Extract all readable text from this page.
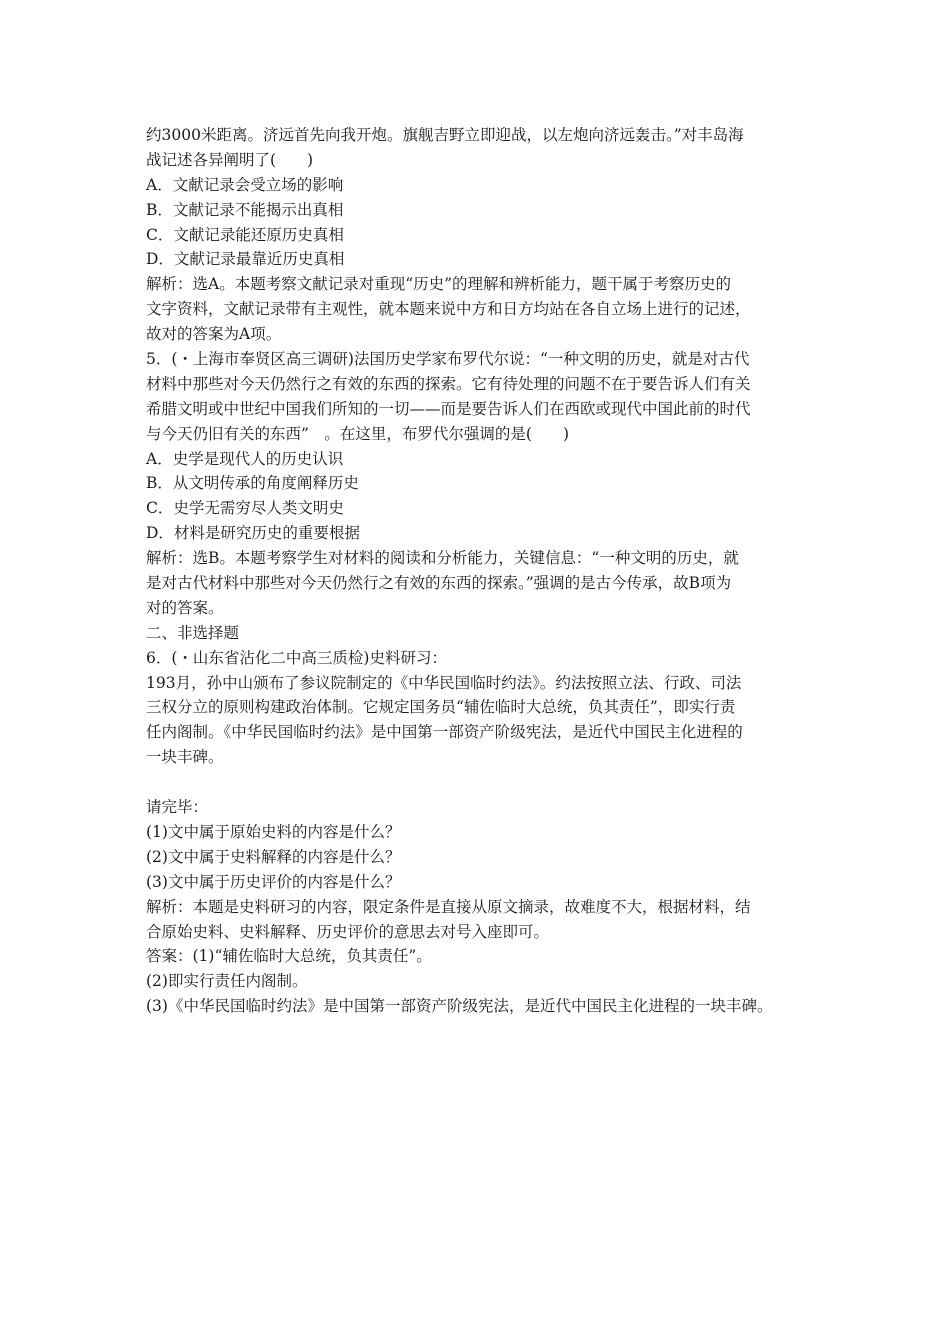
约3000米距离。济远首先向我开炮。旗舰吉野立即迎战，以左炮向济远轰击。”对丰岛海
战记述各异阐明了(　　)
A．文献记录会受立场的影响
B．文献记录不能揭示出真相
C．文献记录能还原历史真相
D．文献记录最靠近历史真相
解析：选A。本题考察文献记录对重现“历史”的理解和辨析能力，题干属于考察历史的
文字资料，文献记录带有主观性，就本题来说中方和日方均站在各自立场上进行的记述，
故对的答案为A项。
5．(・上海市奉贤区高三调研)法国历史学家布罗代尔说：“一种文明的历史，就是对古代
材料中那些对今天仍然行之有效的东西的探索。它有待处理的问题不在于要告诉人们有关
希腊文明或中世纪中国我们所知的一切——而是要告诉人们在西欧或现代中国此前的时代
与今天仍旧有关的东西”　。在这里，布罗代尔强调的是(　　)
A．史学是现代人的历史认识
B．从文明传承的角度阐释历史
C．史学无需穷尽人类文明史
D．材料是研究历史的重要根据
解析：选B。本题考察学生对材料的阅读和分析能力，关键信息：“一种文明的历史，就
是对古代材料中那些对今天仍然行之有效的东西的探索。”强调的是古今传承，故B项为
对的答案。
二、非选择题
6．(・山东省沾化二中高三质检)史料研习：
193月，孙中山颁布了参议院制定的《中华民国临时约法》。约法按照立法、行政、司法
三权分立的原则构建政治体制。它规定国务员“辅佐临时大总统，负其责任”，即实行责
任内阁制。《中华民国临时约法》是中国第一部资产阶级宪法，是近代中国民主化进程的
一块丰碑。
请完毕：
(1)文中属于原始史料的内容是什么？
(2)文中属于史料解释的内容是什么？
(3)文中属于历史评价的内容是什么？
解析：本题是史料研习的内容，限定条件是直接从原文摘录，故难度不大，根据材料，结
合原始史料、史料解释、历史评价的意思去对号入座即可。
答案：(1)“辅佐临时大总统，负其责任”。
(2)即实行责任内阁制。
(3)《中华民国临时约法》是中国第一部资产阶级宪法，是近代中国民主化进程的一块丰碑。
